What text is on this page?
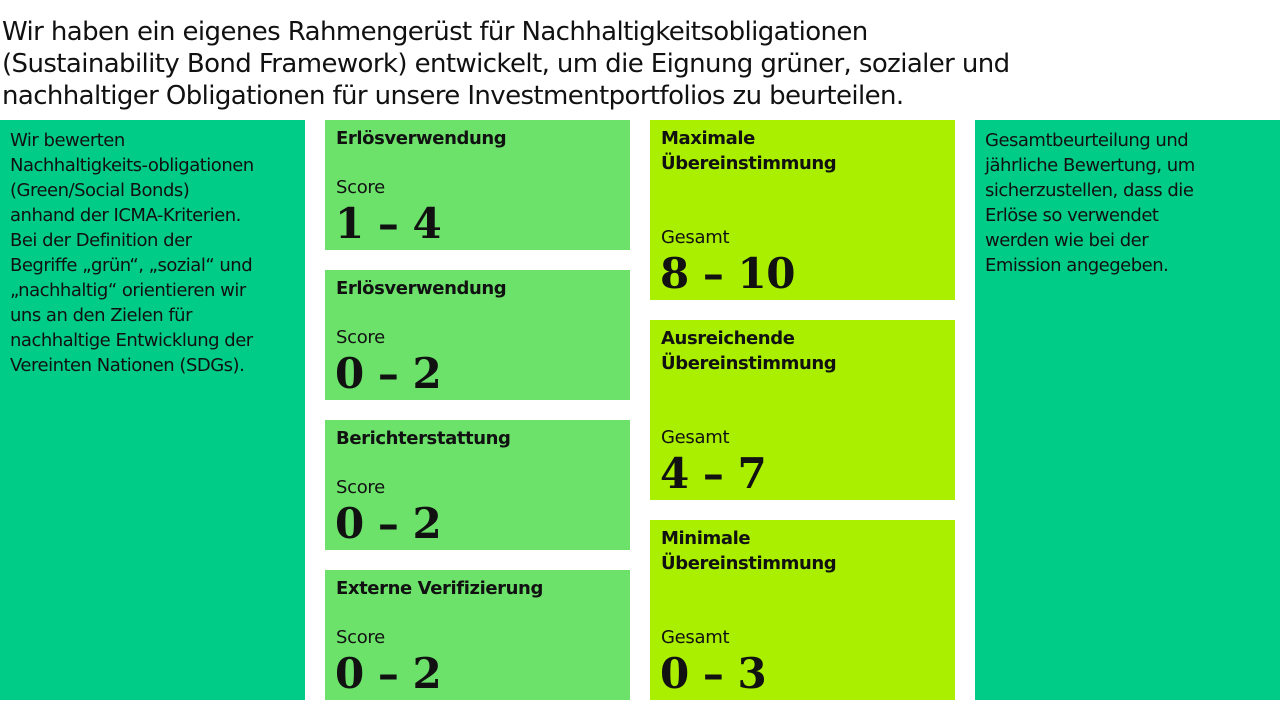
Wir haben ein eigenes Rahmengerüst für Nachhaltigkeitsobligationen
(Sustainability Bond Framework) entwickelt, um die Eignung grüner, sozialer und
nachhaltiger Obligationen für unsere Investmentportfolios zu beurteilen.

Wir bewerten
Nachhaltigkeits-obligationen
(Green/Social Bonds)
anhand der ICMA-Kriterien.
Bei der Definition der
Begriffe „grün“, „sozial“ und
„nachhaltig“ orientieren wir
uns an den Zielen für
nachhaltige Entwicklung der
Vereinten Nationen (SDGs).

Erlösverwendung
Score
1 – 4
Erlösverwendung
Score
0 – 2
Berichterstattung
Score
0 – 2
Externe Verifizierung
Score
0 – 2
Maximale
Übereinstimmung
Gesamt
8 – 10
Ausreichende
Übereinstimmung
Gesamt
4 – 7
Minimale
Übereinstimmung
Gesamt
0 – 3

Gesamtbeurteilung und
jährliche Bewertung, um
sicherzustellen, dass die
Erlöse so verwendet
werden wie bei der
Emission angegeben.
